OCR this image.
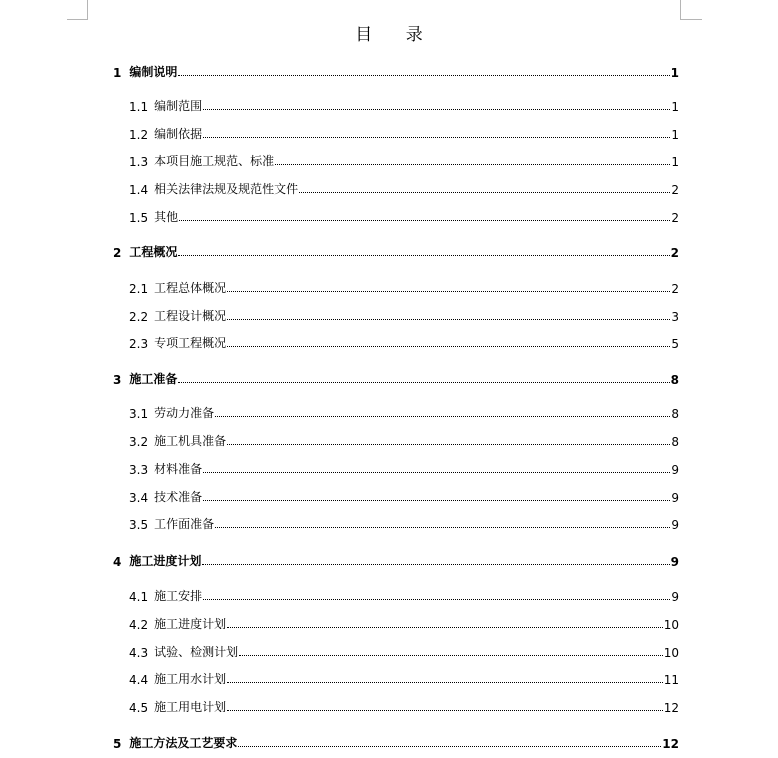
目 录
1 编制说明	1
1.1 编制范围	1
1.2 编制依据	1
1.3 本项目施工规范、标准	1
1.4 相关法律法规及规范性文件	2
1.5 其他	2
2 工程概况	2
2.1 工程总体概况	2
2.2 工程设计概况	3
2.3 专项工程概况	5
3 施工准备	8
3.1 劳动力准备	8
3.2 施工机具准备	8
3.3 材料准备	9
3.4 技术准备	9
3.5 工作面准备	9
4 施工进度计划	9
4.1 施工安排	9
4.2 施工进度计划	10
4.3 试验、检测计划	10
4.4 施工用水计划	11
4.5 施工用电计划	12
5 施工方法及工艺要求	12
